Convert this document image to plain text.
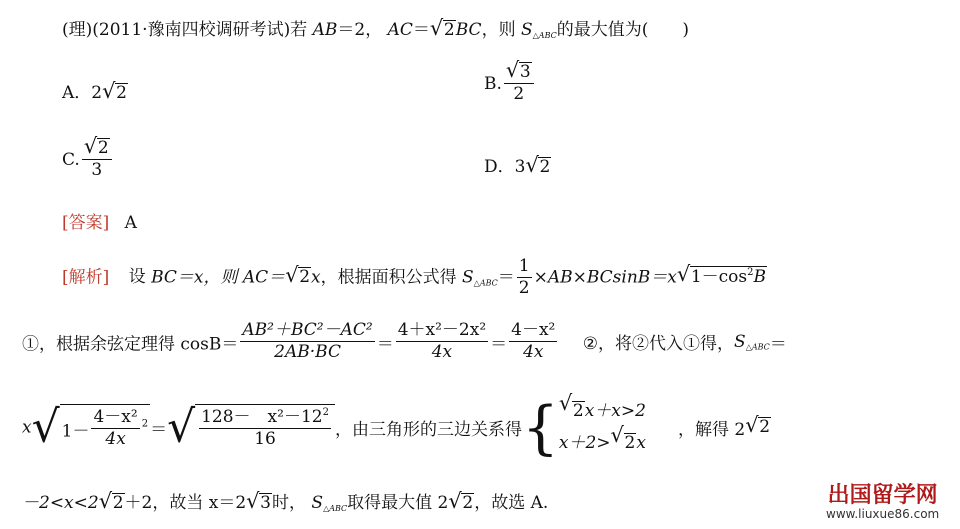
(理)(2011·豫南四校调研考试)若 AB＝2， AC＝ √ 2BC，则 $S_{\triangle ABC}$的最大值为(　　)
A．2 √ 2	B. $\frac{√ 3}{2}$
C. $\frac{√ 2}{3}$	D．3 √ 2
[答案] A
[解析] 设 BC＝x，则 AC＝ √ 2x，根据面积公式得 $S_{\triangle ABC}= \frac{1}{2} \times AB\times BCsinB=x$ √ $1-\cos^2B$
①，根据余弦定理得 $\cos B= \frac{\text{AB²＋BC²－AC²}}{2AB\cdot BC} = \frac{\text{4＋x²－2x²}}{4x} = \frac{\text{4－x²}}{4x}$ ②，将②代入①得，$S_{\triangle ABC}=$
x√ $1- \frac{\text{4－x²}}{4x} ^2$ ＝√ $\frac{128- x^2-12^2}{16}$ ，由三角形的三边关系得{ √ 2x＋x>2
x＋2> √ 2x
，解得 2 √ 2
－2<x<2 √ 2＋2，故当 x＝2 √ 3时， $S_{\triangle ABC}$取得最大值 2 √ 2，故选 A.	出国留学网
www.liuxue86.com
